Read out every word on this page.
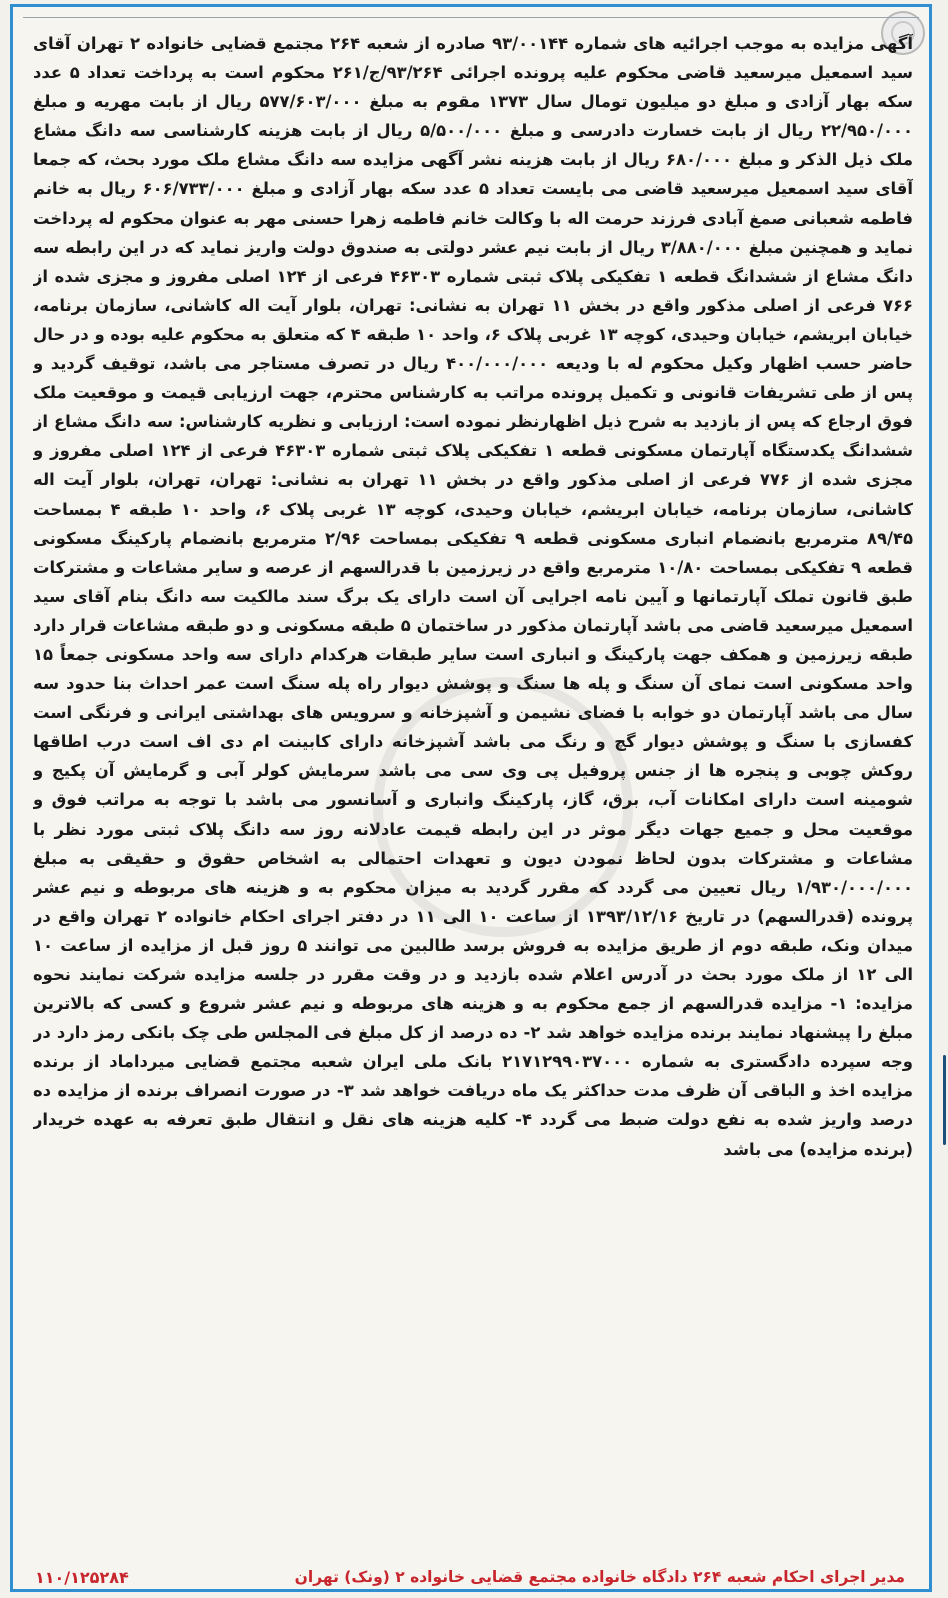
آگهی مزایده به موجب اجرائیه های شماره ۹۳/۰۰۱۴۴ صادره از شعبه ۲۶۴ مجتمع قضایی خانواده ۲ تهران آقای سید اسمعیل میرسعید قاضی محکوم علیه پرونده اجرائی ۹۳/۲۶۴/ج/۲۶۱ محکوم است به پرداخت تعداد ۵ عدد سکه بهار آزادی و مبلغ دو میلیون تومال سال ۱۳۷۳ مقوم به مبلغ ۵۷۷/۶۰۳/۰۰۰ ریال از بابت مهریه و مبلغ ۲۲/۹۵۰/۰۰۰ ریال از بابت خسارت دادرسی و مبلغ ۵/۵۰۰/۰۰۰ ریال از بابت هزینه کارشناسی سه دانگ مشاع ملک ذیل الذکر و مبلغ ۶۸۰/۰۰۰ ریال از بابت هزینه نشر آگهی مزایده سه دانگ مشاع ملک مورد بحث، که جمعا آقای سید اسمعیل میرسعید قاضی می بایست تعداد ۵ عدد سکه بهار آزادی و مبلغ ۶۰۶/۷۳۳/۰۰۰ ریال به خانم فاطمه شعبانی صمغ آبادی فرزند حرمت اله با وکالت خانم فاطمه زهرا حسنی مهر به عنوان محکوم له پرداخت نماید و همچنین مبلغ ۳/۸۸۰/۰۰۰ ریال از بابت نیم عشر دولتی به صندوق دولت واریز نماید که در این رابطه سه دانگ مشاع از ششدانگ قطعه ۱ تفکیکی پلاک ثبتی شماره ۴۶۳۰۳ فرعی از ۱۲۴ اصلی مفروز و مجزی شده از ۷۶۶ فرعی از اصلی مذکور واقع در بخش ۱۱ تهران به نشانی: تهران، بلوار آیت اله کاشانی، سازمان برنامه، خیابان ابریشم، خیابان وحیدی، کوچه ۱۳ غربی پلاک ۶، واحد ۱۰ طبقه ۴ که متعلق به محکوم علیه بوده و در حال حاضر حسب اظهار وکیل محکوم له با ودیعه ۴۰۰/۰۰۰/۰۰۰ ریال در تصرف مستاجر می باشد، توقیف گردید و پس از طی تشریفات قانونی و تکمیل پرونده مراتب به کارشناس محترم، جهت ارزیابی قیمت و موقعیت ملک فوق ارجاع که پس از بازدید به شرح ذیل اظهارنظر نموده است: ارزیابی و نظریه کارشناس: سه دانگ مشاع از ششدانگ یکدستگاه آپارتمان مسکونی قطعه ۱ تفکیکی پلاک ثبتی شماره ۴۶۳۰۳ فرعی از ۱۲۴ اصلی مفروز و مجزی شده از ۷۷۶ فرعی از اصلی مذکور واقع در بخش ۱۱ تهران به نشانی: تهران، تهران، بلوار آیت اله کاشانی، سازمان برنامه، خیابان ابریشم، خیابان وحیدی، کوچه ۱۳ غربی پلاک ۶، واحد ۱۰ طبقه ۴ بمساحت ۸۹/۴۵ مترمربع بانضمام انباری مسکونی قطعه ۹ تفکیکی بمساحت ۲/۹۶ مترمربع بانضمام پارکینگ مسکونی قطعه ۹ تفکیکی بمساحت ۱۰/۸۰ مترمربع واقع در زیرزمین با قدرالسهم از عرصه و سایر مشاعات و مشترکات طبق قانون تملک آپارتمانها و آیین نامه اجرایی آن است دارای یک برگ سند مالکیت سه دانگ بنام آقای سید اسمعیل میرسعید قاضی می باشد آپارتمان مذکور در ساختمان ۵ طبقه مسکونی و دو طبقه مشاعات قرار دارد طبقه زیرزمین و همکف جهت پارکینگ و انباری است سایر طبقات هرکدام دارای سه واحد مسکونی جمعاً ۱۵ واحد مسکونی است نمای آن سنگ و پله ها سنگ و پوشش دیوار راه پله سنگ است عمر احداث بنا حدود سه سال می باشد آپارتمان دو خوابه با فضای نشیمن و آشپزخانه و سرویس های بهداشتی ایرانی و فرنگی است کفسازی با سنگ و پوشش دیوار گچ و رنگ می باشد آشپزخانه دارای کابینت ام دی اف است درب اطاقها روکش چوبی و پنجره ها از جنس پروفیل پی وی سی می باشد سرمایش کولر آبی و گرمایش آن پکیج و شومینه است دارای امکانات آب، برق، گاز، پارکینگ وانباری و آسانسور می باشد با توجه به مراتب فوق و موقعیت محل و جمیع جهات دیگر موثر در این رابطه قیمت عادلانه روز سه دانگ پلاک ثبتی مورد نظر با مشاعات و مشترکات بدون لحاظ نمودن دیون و تعهدات احتمالی به اشخاص حقوق و حقیقی به مبلغ ۱/۹۳۰/۰۰۰/۰۰۰ ریال تعیین می گردد که مقرر گردید به میزان محکوم به و هزینه های مربوطه و نیم عشر پرونده (قدرالسهم) در تاریخ ۱۳۹۳/۱۲/۱۶ از ساعت ۱۰ الی ۱۱ در دفتر اجرای احکام خانواده ۲ تهران واقع در میدان ونک، طبقه دوم از طریق مزایده به فروش برسد طالبین می توانند ۵ روز قبل از مزایده از ساعت ۱۰ الی ۱۲ از ملک مورد بحث در آدرس اعلام شده بازدید و در وقت مقرر در جلسه مزایده شرکت نمایند نحوه مزایده: ۱- مزایده قدرالسهم از جمع محکوم به و هزینه های مربوطه و نیم عشر شروع و کسی که بالاترین مبلغ را پیشنهاد نمایند برنده مزایده خواهد شد ۲- ده درصد از کل مبلغ فی المجلس طی چک بانکی رمز دارد در وجه سپرده دادگستری به شماره ۲۱۷۱۲۹۹۰۳۷۰۰۰ بانک ملی ایران شعبه مجتمع قضایی میرداماد از برنده مزایده اخذ و الباقی آن ظرف مدت حداکثر یک ماه دریافت خواهد شد ۳- در صورت انصراف برنده از مزایده ده درصد واریز شده به نفع دولت ضبط می گردد ۴- کلیه هزینه های نقل و انتقال طبق تعرفه به عهده خریدار (برنده مزایده) می باشد

مدیر اجرای احکام شعبه ۲۶۴ دادگاه خانواده مجتمع قضایی خانواده ۲ (ونک) تهران
۱۱۰/۱۲۵۲۸۴
